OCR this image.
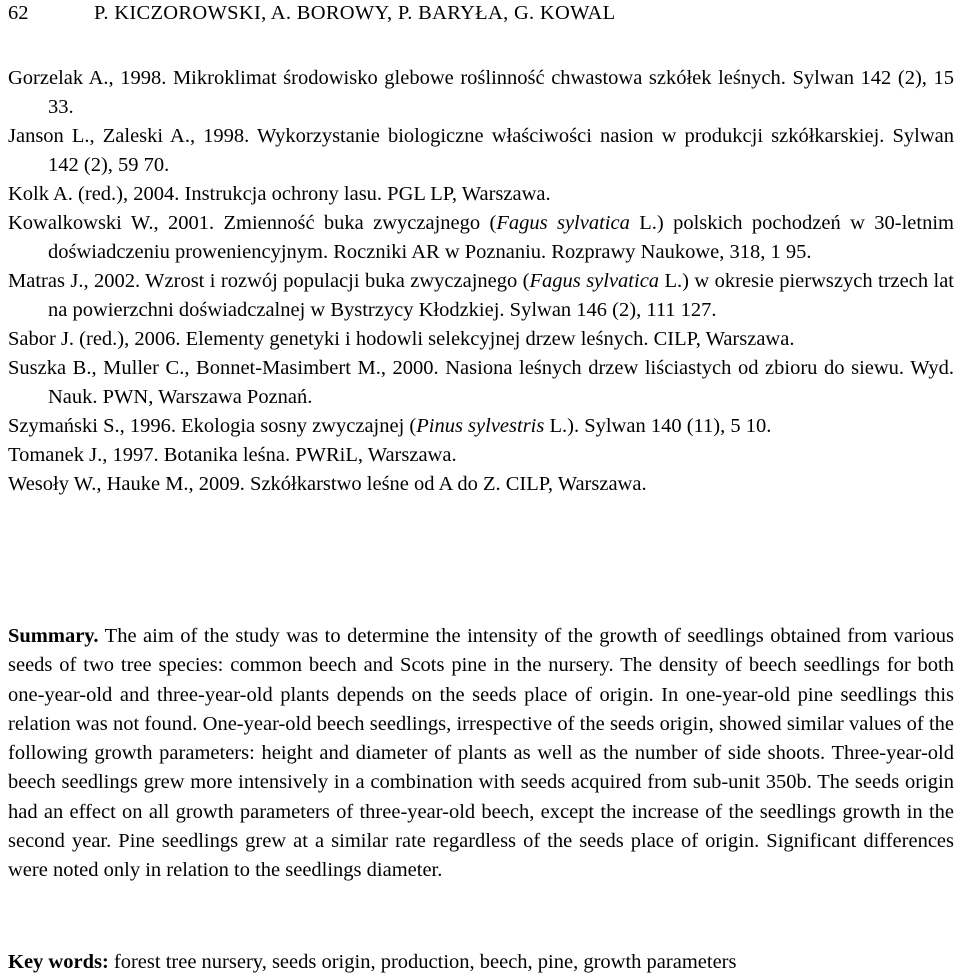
62	P. KICZOROWSKI, A. BOROWY, P. BARYŁA, G. KOWAL

Gorzelak A., 1998. Mikroklimat środowisko glebowe roślinność chwastowa szkółek leśnych. Sylwan 142 (2), 15 33.

Janson L., Zaleski A., 1998. Wykorzystanie biologiczne właściwości nasion w produkcji szkółkarskiej. Sylwan 142 (2), 59 70.

Kolk A. (red.), 2004. Instrukcja ochrony lasu. PGL LP, Warszawa.

Kowalkowski W., 2001. Zmienność buka zwyczajnego (Fagus sylvatica L.) polskich pochodzeń w 30-letnim doświadczeniu proweniencyjnym. Roczniki AR w Poznaniu. Rozprawy Naukowe, 318, 1 95.

Matras J., 2002. Wzrost i rozwój populacji buka zwyczajnego (Fagus sylvatica L.) w okresie pierwszych trzech lat na powierzchni doświadczalnej w Bystrzycy Kłodzkiej. Sylwan 146 (2), 111 127.

Sabor J. (red.), 2006. Elementy genetyki i hodowli selekcyjnej drzew leśnych. CILP, Warszawa.

Suszka B., Muller C., Bonnet-Masimbert M., 2000. Nasiona leśnych drzew liściastych od zbioru do siewu. Wyd. Nauk. PWN, Warszawa Poznań.

Szymański S., 1996. Ekologia sosny zwyczajnej (Pinus sylvestris L.). Sylwan 140 (11), 5 10.

Tomanek J., 1997. Botanika leśna. PWRiL, Warszawa.

Wesoły W., Hauke M., 2009. Szkółkarstwo leśne od A do Z. CILP, Warszawa.

Summary. The aim of the study was to determine the intensity of the growth of seedlings obtained from various seeds of two tree species: common beech and Scots pine in the nursery. The density of beech seedlings for both one-year-old and three-year-old plants depends on the seeds place of origin. In one-year-old pine seedlings this relation was not found. One-year-old beech seedlings, irrespective of the seeds origin, showed similar values of the following growth parameters: height and diameter of plants as well as the number of side shoots. Three-year-old beech seedlings grew more intensively in a combination with seeds acquired from sub-unit 350b. The seeds origin had an effect on all growth parameters of three-year-old beech, except the increase of the seedlings growth in the second year. Pine seedlings grew at a similar rate regardless of the seeds place of origin. Significant differences were noted only in relation to the seedlings diameter.

Key words: forest tree nursery, seeds origin, production, beech, pine, growth parameters
